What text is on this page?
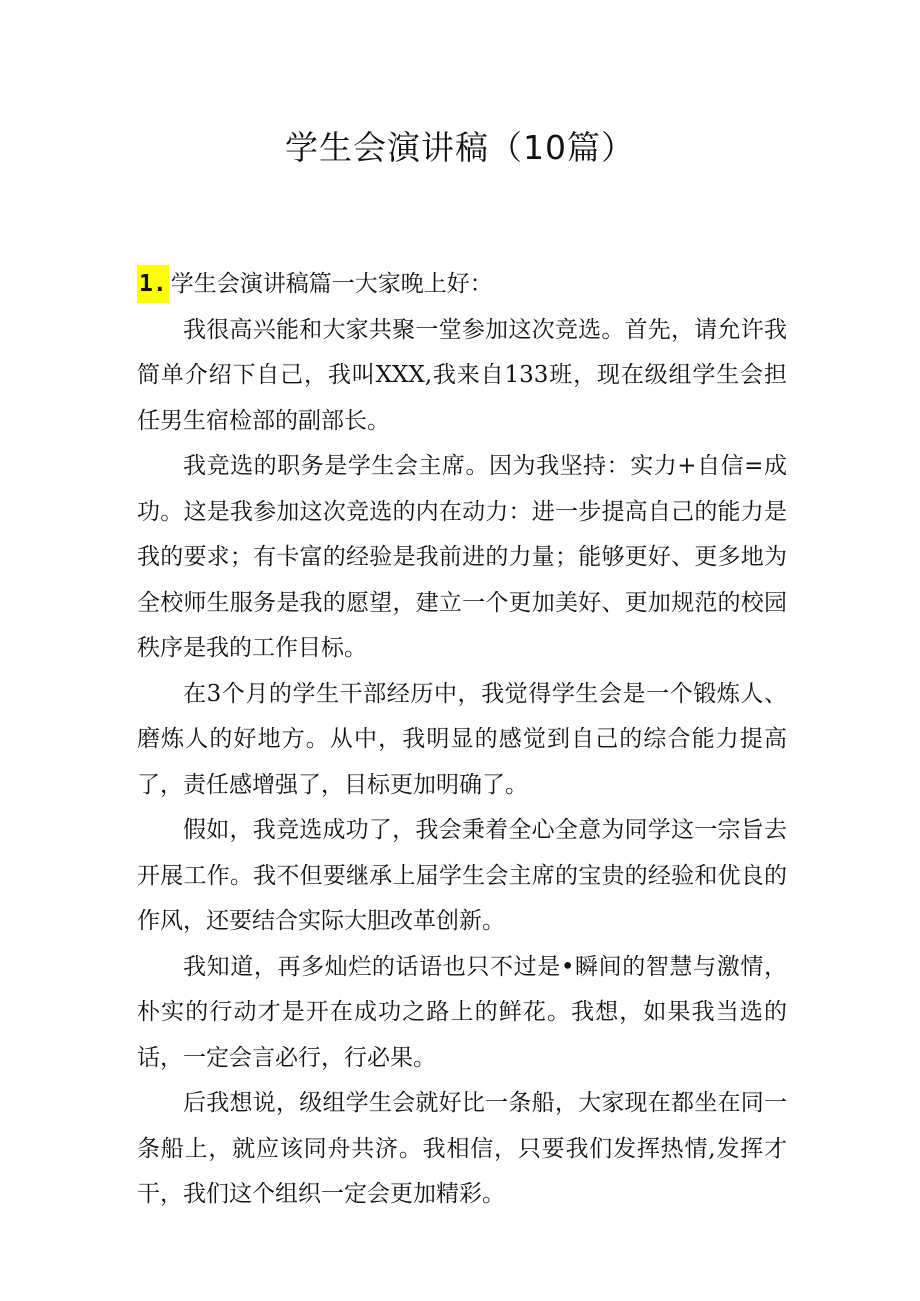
学生会演讲稿（10篇）

1. 学生会演讲稿篇一大家晚上好：

我很高兴能和大家共聚一堂参加这次竞选。首先，请允许我简单介绍下自己，我叫XXX,我来自133班，现在级组学生会担任男生宿检部的副部长。

我竞选的职务是学生会主席。因为我坚持：实力+自信=成功。这是我参加这次竞选的内在动力：进一步提高自己的能力是我的要求；有卡富的经验是我前进的力量；能够更好、更多地为全校师生服务是我的愿望，建立一个更加美好、更加规范的校园秩序是我的工作目标。

在3个月的学生干部经历中，我觉得学生会是一个锻炼人、磨炼人的好地方。从中，我明显的感觉到自己的综合能力提高了，责任感增强了，目标更加明确了。

假如，我竞选成功了，我会秉着全心全意为同学这一宗旨去开展工作。我不但要继承上届学生会主席的宝贵的经验和优良的作风，还要结合实际大胆改革创新。

我知道，再多灿烂的话语也只不过是•瞬间的智慧与激情，朴实的行动才是开在成功之路上的鲜花。我想，如果我当选的话，一定会言必行，行必果。

后我想说，级组学生会就好比一条船，大家现在都坐在同一条船上，就应该同舟共济。我相信，只要我们发挥热情,发挥才干，我们这个组织一定会更加精彩。
